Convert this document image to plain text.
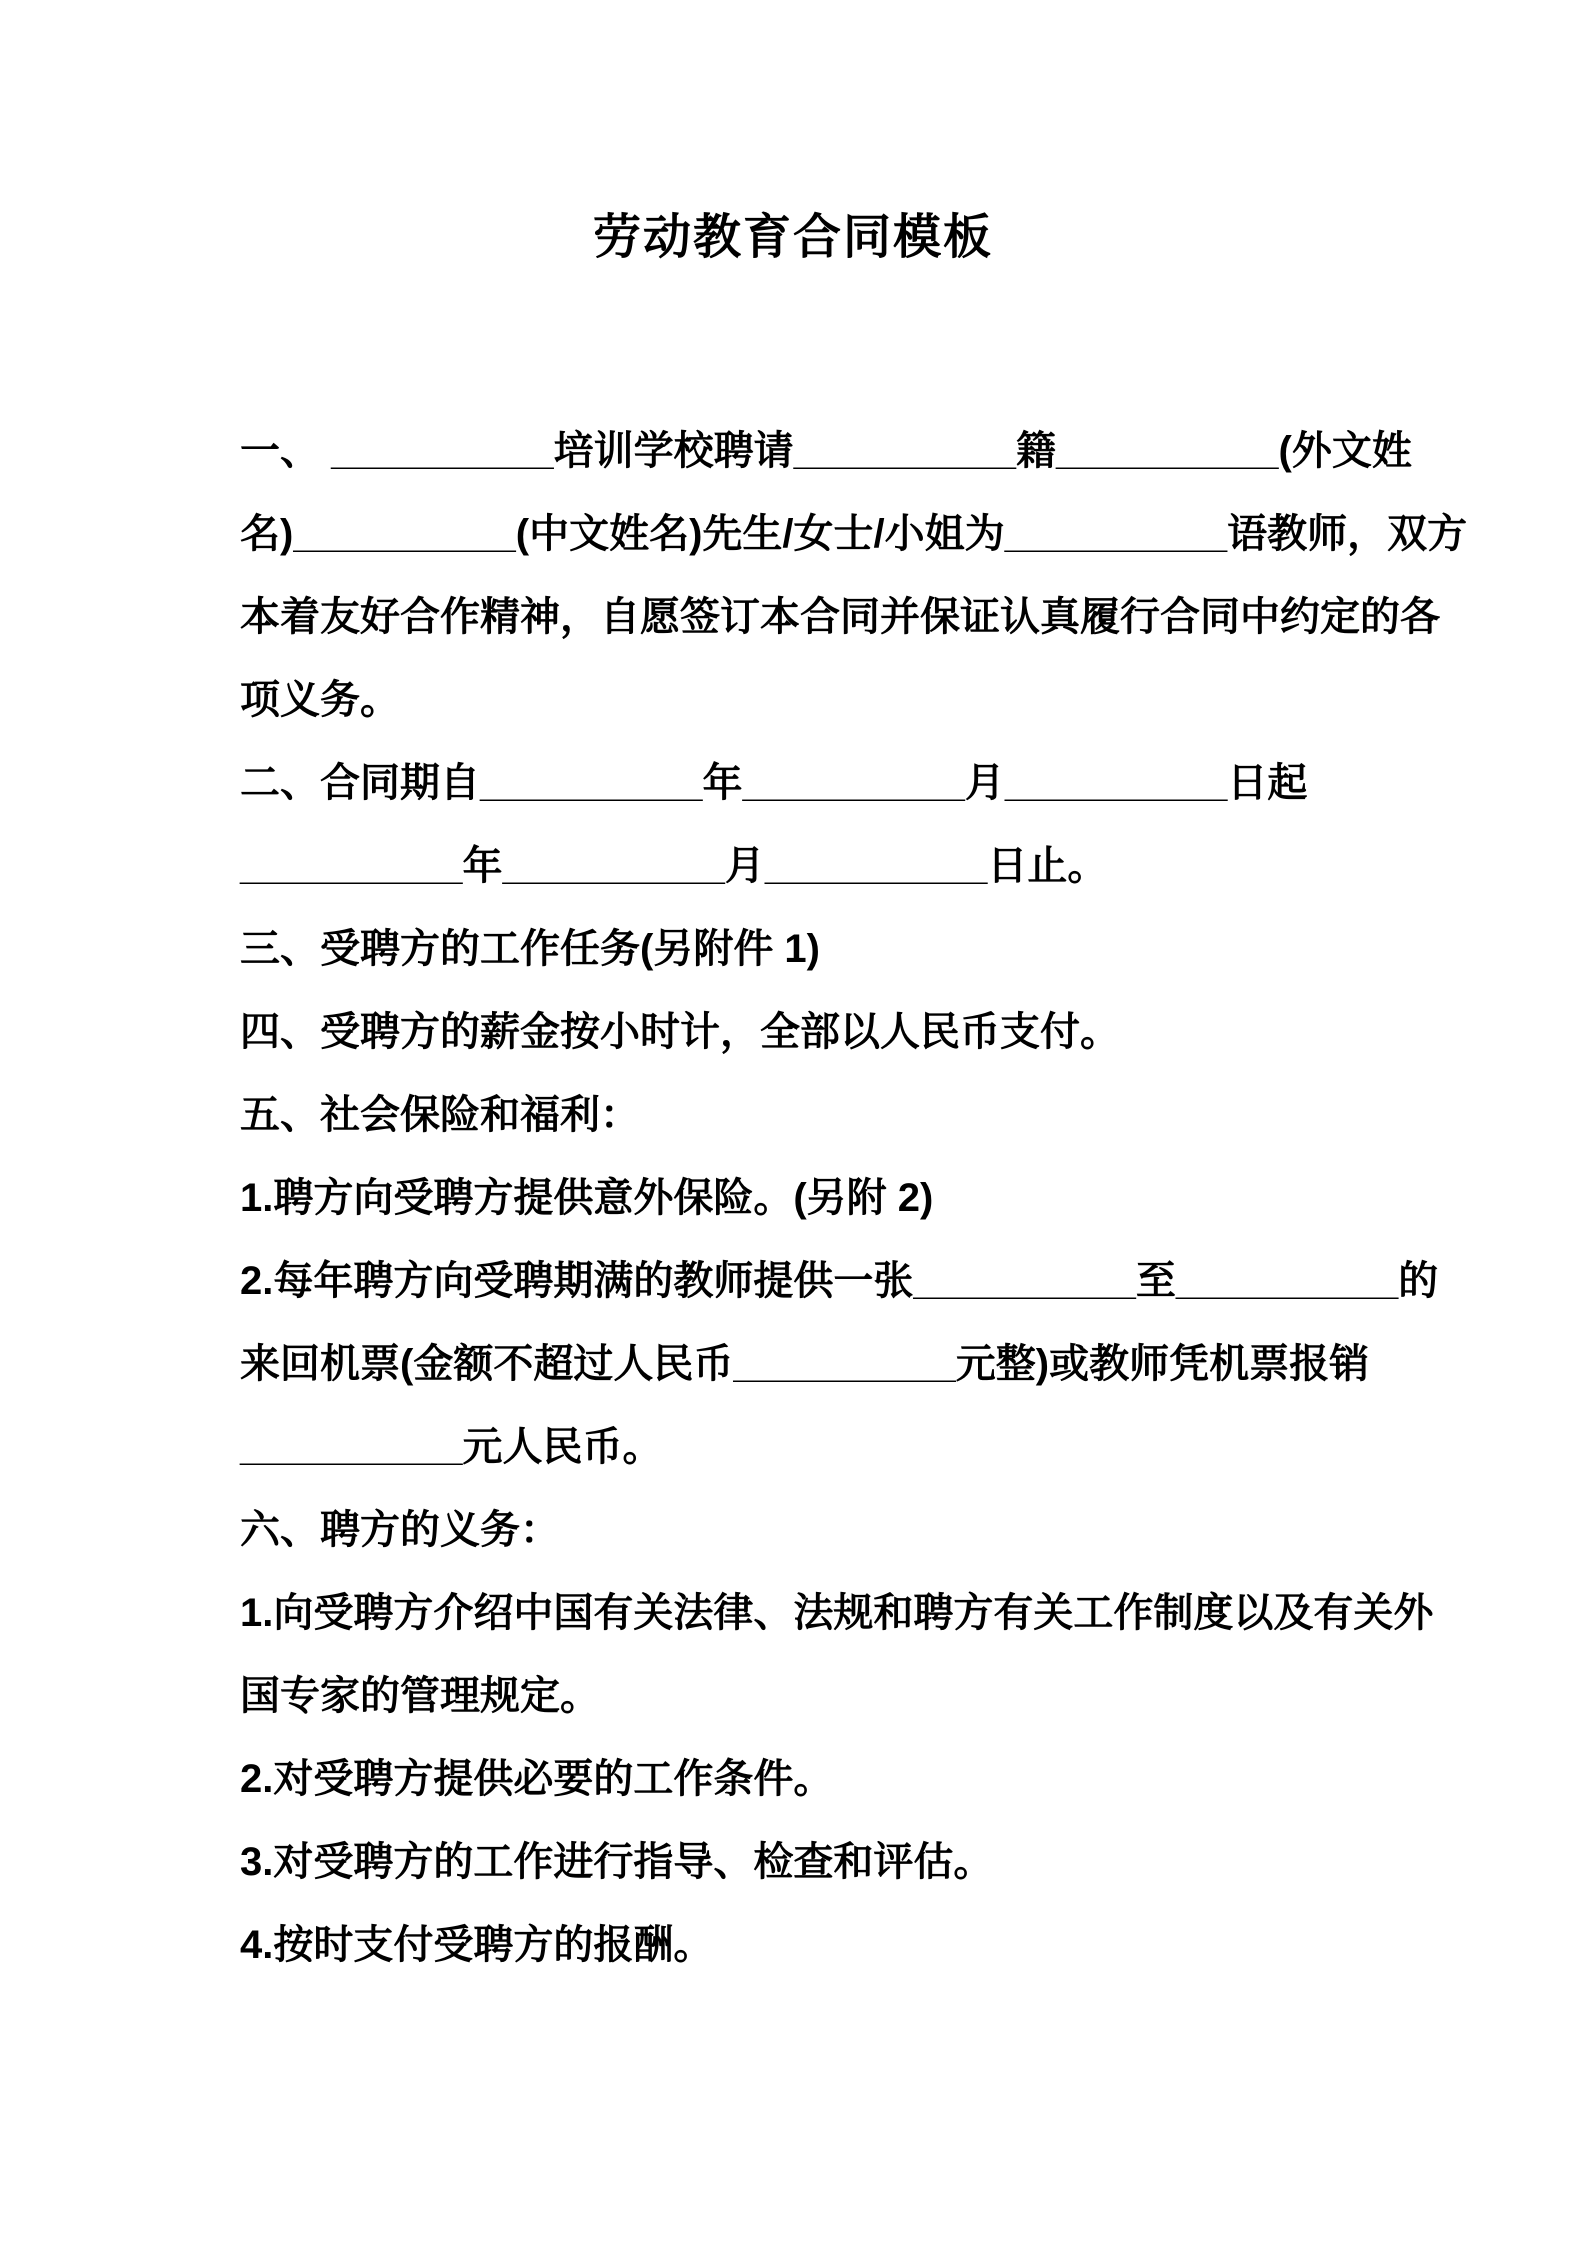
劳动教育合同模板
一、 __________培训学校聘请__________籍__________(外文姓
名)__________(中文姓名)先生/女士/小姐为__________语教师，双方
本着友好合作精神，自愿签订本合同并保证认真履行合同中约定的各
项义务。
二、合同期自__________年__________月__________日起
__________年__________月__________日止。
三、受聘方的工作任务(另附件 1)
四、受聘方的薪金按小时计，全部以人民币支付。
五、社会保险和福利：
1.聘方向受聘方提供意外保险。(另附 2)
2.每年聘方向受聘期满的教师提供一张__________至__________的
来回机票(金额不超过人民币__________元整)或教师凭机票报销
__________元人民币。
六、聘方的义务：
1.向受聘方介绍中国有关法律、法规和聘方有关工作制度以及有关外
国专家的管理规定。
2.对受聘方提供必要的工作条件。
3.对受聘方的工作进行指导、检查和评估。
4.按时支付受聘方的报酬。
